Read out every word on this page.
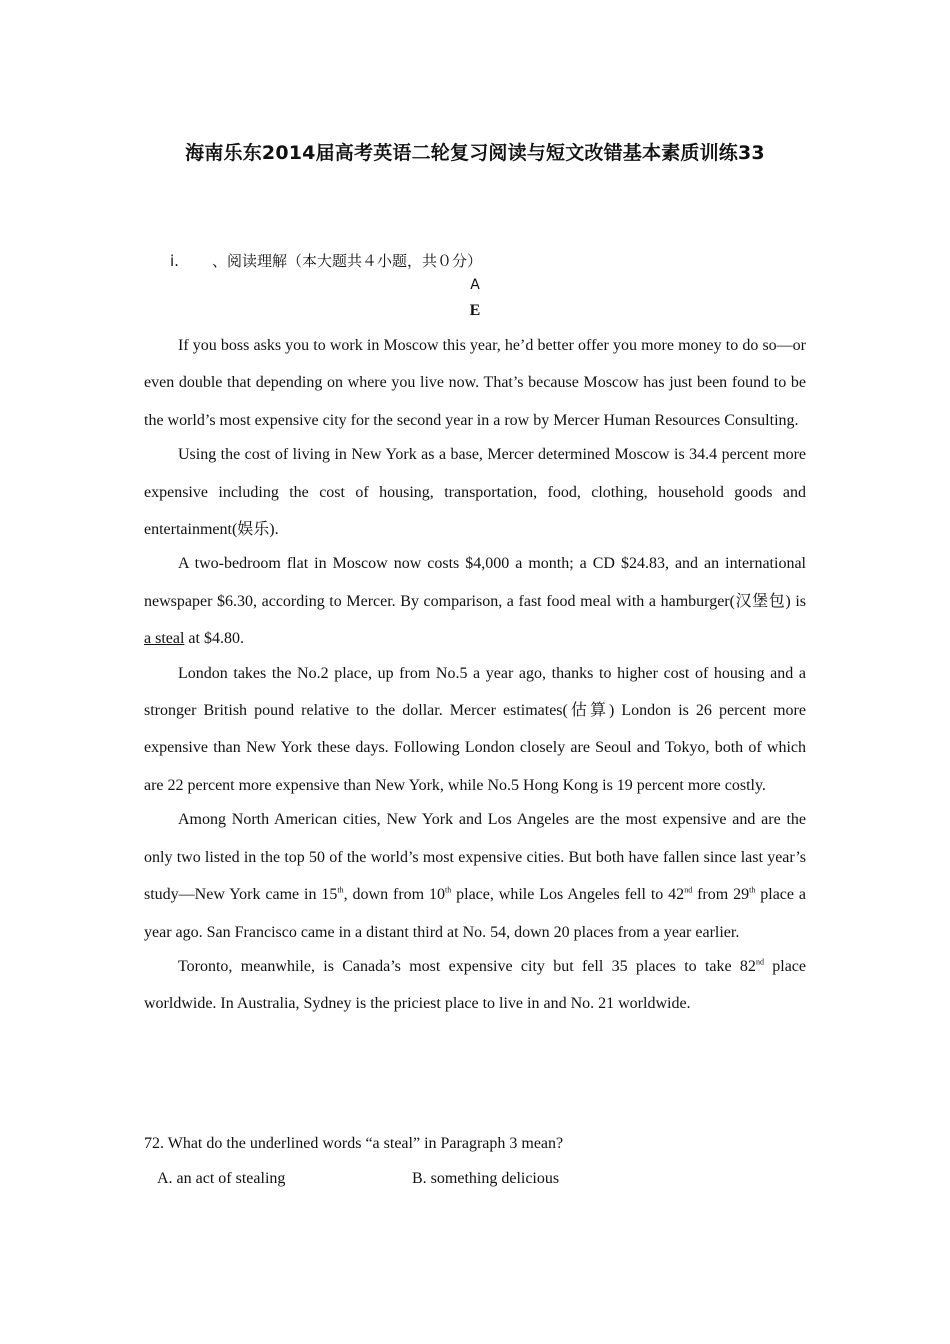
海南乐东2014届高考英语二轮复习阅读与短文改错基本素质训练33
i. 、阅读理解（本大题共４小题，共０分）
A
E

If you boss asks you to work in Moscow this year, he’d better offer you more money to do so—or even double that depending on where you live now. That’s because Moscow has just been found to be the world’s most expensive city for the second year in a row by Mercer Human Resources Consulting.

Using the cost of living in New York as a base, Mercer determined Moscow is 34.4 percent more expensive including the cost of housing, transportation, food, clothing, household goods and entertainment(娱乐).

A two-bedroom flat in Moscow now costs $4,000 a month; a CD $24.83, and an international newspaper $6.30, according to Mercer. By comparison, a fast food meal with a hamburger(汉堡包) is a steal at $4.80.

London takes the No.2 place, up from No.5 a year ago, thanks to higher cost of housing and a stronger British pound relative to the dollar. Mercer estimates(估算) London is 26 percent more expensive than New York these days. Following London closely are Seoul and Tokyo, both of which are 22 percent more expensive than New York, while No.5 Hong Kong is 19 percent more costly.

Among North American cities, New York and Los Angeles are the most expensive and are the only two listed in the top 50 of the world’s most expensive cities. But both have fallen since last year’s study—New York came in 15th, down from 10th place, while Los Angeles fell to 42nd from 29th place a year ago. San Francisco came in a distant third at No. 54, down 20 places from a year earlier.

Toronto, meanwhile, is Canada’s most expensive city but fell 35 places to take 82nd place worldwide. In Australia, Sydney is the priciest place to live in and No. 21 worldwide.

72. What do the underlined words “a steal” in Paragraph 3 mean?
A. an act of stealing	B. something delicious
